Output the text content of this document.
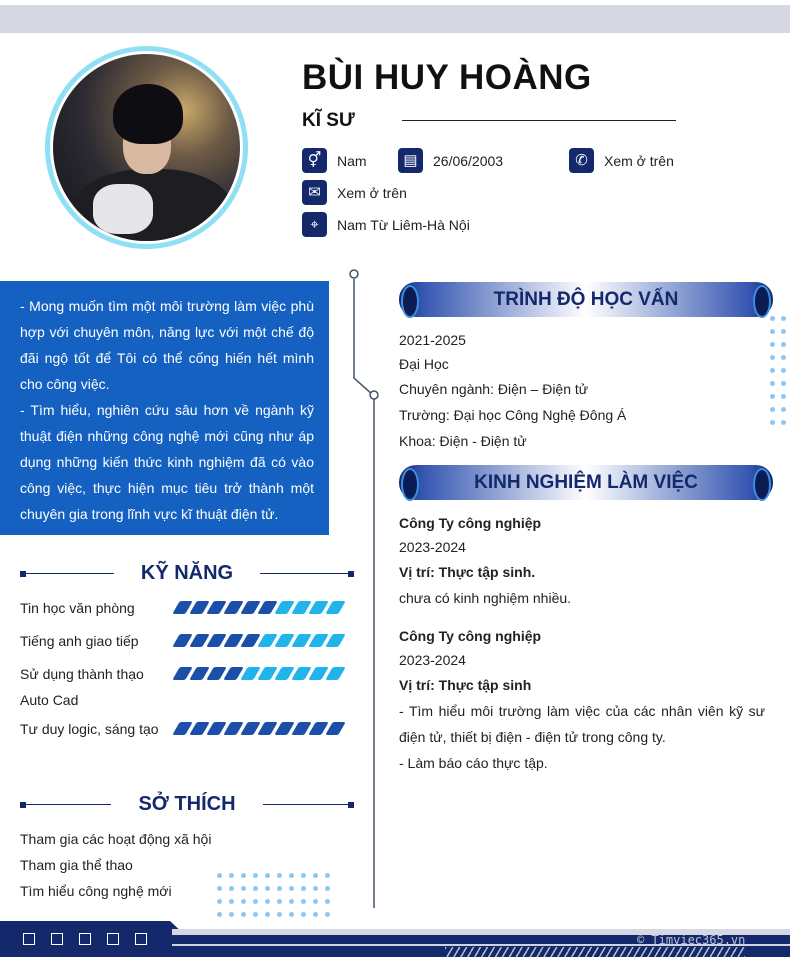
BÙI HUY HOÀNG
KĨ SƯ
⚥	Nam	▤	26/06/2003	✆	Xem ở trên
✉	Xem ở trên
⌖	Nam Từ Liêm-Hà Nội
- Mong muốn tìm một môi trường làm việc phù hợp với chuyên môn, năng lực với một chế độ đãi ngộ tốt để Tôi có thể cống hiến hết mình cho công việc.
- Tìm hiểu, nghiên cứu sâu hơn về ngành kỹ thuật điện những công nghệ mới cũng như áp dụng những kiến thức kinh nghiệm đã có vào công việc, thực hiện mục tiêu trở thành một chuyên gia trong lĩnh vực kĩ thuật điện tử.
KỸ NĂNG
Tin học văn phòng
Tiếng anh giao tiếp
Sử dụng thành thạo Auto Cad
Tư duy logic, sáng tạo
SỞ THÍCH
Tham gia các hoạt động xã hội
Tham gia thể thao
Tìm hiểu công nghệ mới
TRÌNH ĐỘ HỌC VẤN
2021-2025
Đại Học
Chuyên ngành: Điện – Điện tử
Trường: Đại học Công Nghệ Đông Á
Khoa: Điện - Điện tử
KINH NGHIỆM LÀM VIỆC
Công Ty công nghiệp
2023-2024
Vị trí: Thực tập sinh.
chưa có kinh nghiệm nhiều.
Công Ty công nghiệp
2023-2024
Vị trí: Thực tập sinh
- Tìm hiểu môi trường làm việc của các nhân viên kỹ sư điện tử, thiết bị điện - điện tử trong công ty.
- Làm báo cáo thực tập.
© Timviec365.vn
